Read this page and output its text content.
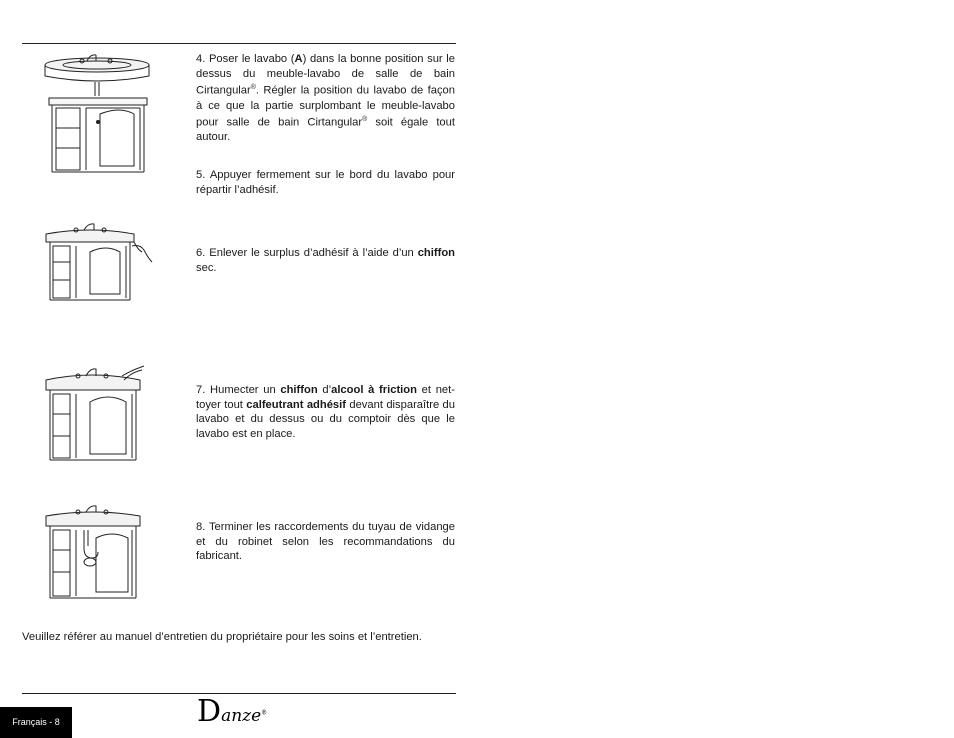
4. Poser le lavabo (A) dans la bonne position sur le dessus du meuble-lavabo de salle de bain Cirtangular®. Régler la position du lavabo de façon à ce que la partie surplombant le meuble-lavabo pour salle de bain Cirtangular® soit égale tout autour.

5. Appuyer fermement sur le bord du lavabo pour répartir l’adhésif.

6. Enlever le surplus d’adhésif à l’aide d’un chiffon sec.

7. Humecter un chiffon d’alcool à friction et nettoyer tout calfeutrant adhésif devant disparaître du lavabo et du dessus ou du comptoir dès que le lavabo est en place.

8. Terminer les raccordements du tuyau de vidange et du robinet selon les recommandations du fabricant.

Veuillez référer au manuel d’entretien du propriétaire pour les soins et l’entretien.

Français - 8	Danze®
